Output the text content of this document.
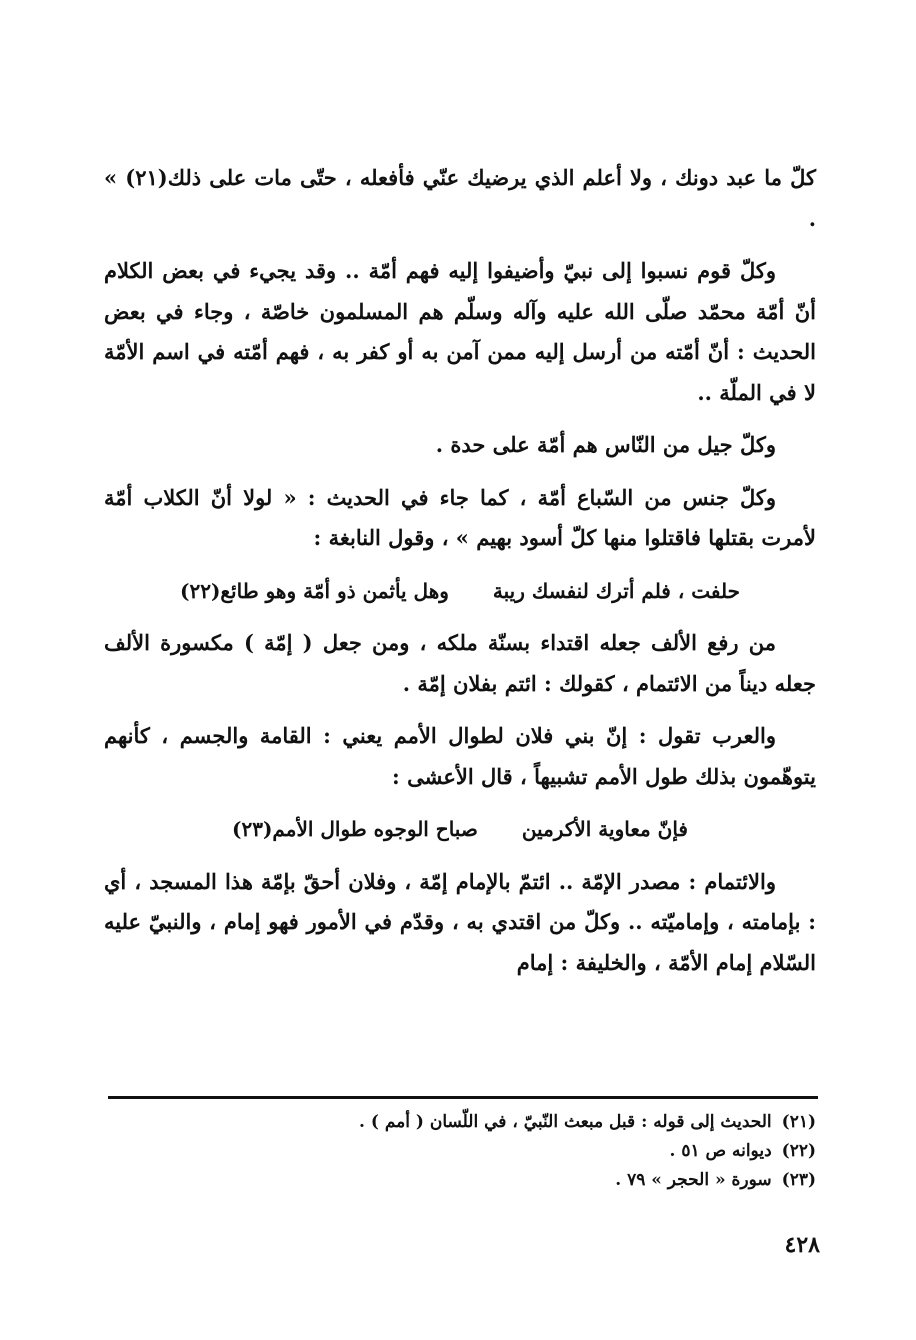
كلّ ما عبد دونك ، ولا أعلم الذي يرضيك عنّي فأفعله ، حتّى مات على ذلك(٢١) » .

وكلّ قوم نسبوا إلى نبيّ وأضيفوا إليه فهم أمّة .. وقد يجيء في بعض الكلام أنّ أمّة محمّد صلّى الله عليه وآله وسلّم هم المسلمون خاصّة ، وجاء في بعض الحديث : أنّ أمّته من أرسل إليه ممن آمن به أو كفر به ، فهم أمّته في اسم الأمّة لا في الملّة ..

وكلّ جيل من النّاس هم أمّة على حدة .

وكلّ جنس من السّباع أمّة ، كما جاء في الحديث : « لولا أنّ الكلاب أمّة لأمرت بقتلها فاقتلوا منها كلّ أسود بهيم » ، وقول النابغة :

حلفت ، فلم أترك لنفسك ريبة
وهل يأثمن ذو أمّة وهو طائع(٢٢)

من رفع الألف جعله اقتداء بسنّة ملكه ، ومن جعل ( إمّة ) مكسورة الألف جعله ديناً من الائتمام ، كقولك : ائتم بفلان إمّة .

والعرب تقول : إنّ بني فلان لطوال الأمم يعني : القامة والجسم ، كأنهم يتوهّمون بذلك طول الأمم تشبيهاً ، قال الأعشى :

فإنّ معاوية الأكرمين
صباح الوجوه طوال الأمم(٢٣)

والائتمام : مصدر الإمّة .. ائتمّ بالإمام إمّة ، وفلان أحقّ بإمّة هذا المسجد ، أي : بإمامته ، وإماميّته .. وكلّ من اقتدي به ، وقدّم في الأمور فهو إمام ، والنبيّ عليه السّلام إمام الأمّة ، والخليفة : إمام

(٢١)الحديث إلى قوله : قبل مبعث النّبيّ ، في اللّسان ( أمم ) .

(٢٢)ديوانه ص ٥١ .

(٢٣)سورة « الحجر » ٧٩ .

٤٢٨
